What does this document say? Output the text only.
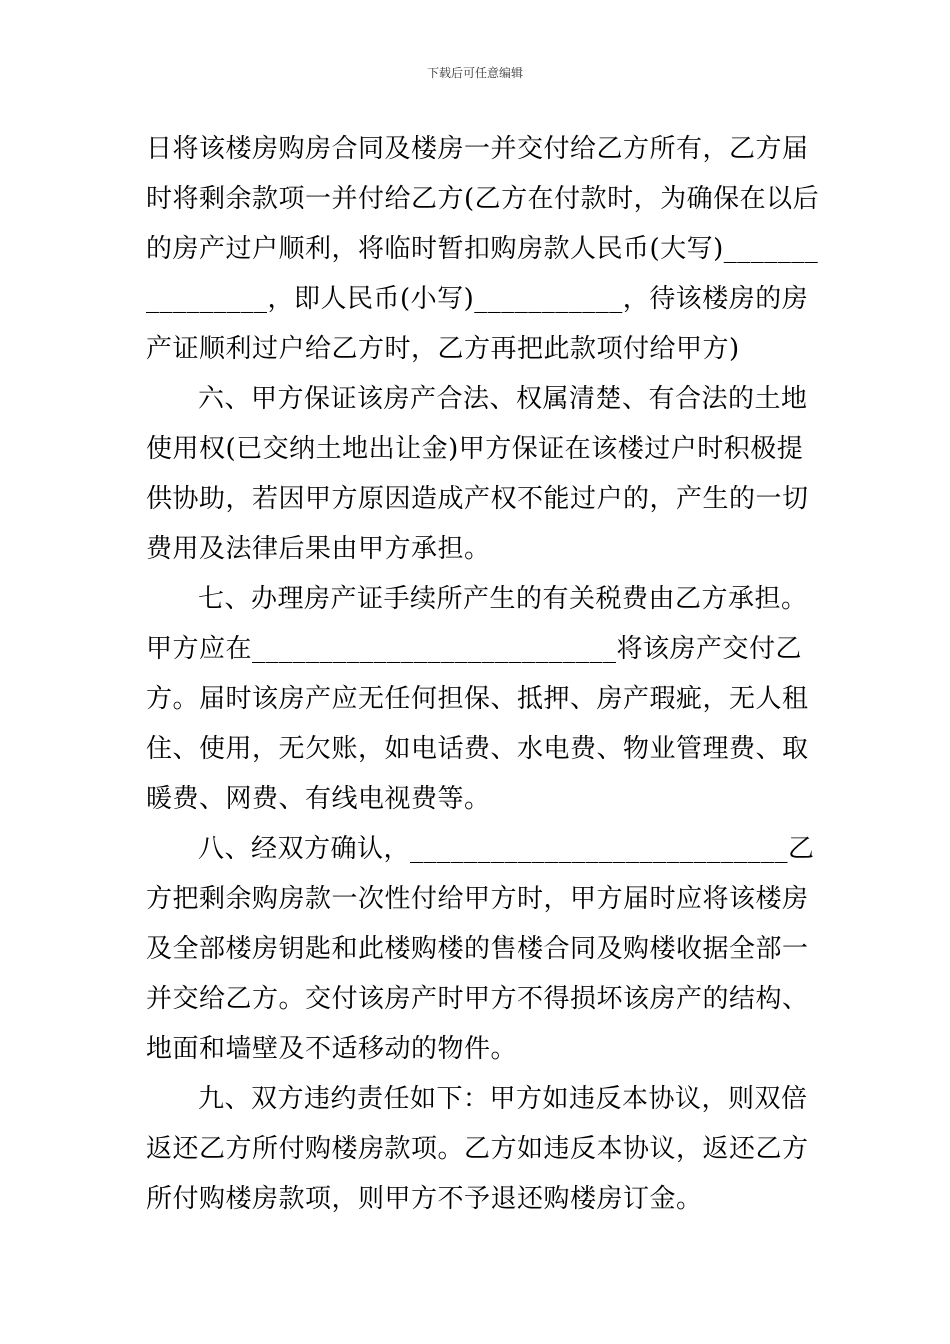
下载后可任意编辑
日将该楼房购房合同及楼房一并交付给乙方所有，乙方届
时将剩余款项一并付给乙方(乙方在付款时，为确保在以后
的房产过户顺利，将临时暂扣购房款人民币(大写)_______
_________，即人民币(小写)___________，待该楼房的房
产证顺利过户给乙方时，乙方再把此款项付给甲方)
六、甲方保证该房产合法、权属清楚、有合法的土地
使用权(已交纳土地出让金)甲方保证在该楼过户时积极提
供协助，若因甲方原因造成产权不能过户的，产生的一切
费用及法律后果由甲方承担。
七、办理房产证手续所产生的有关税费由乙方承担。
甲方应在___________________________将该房产交付乙
方。届时该房产应无任何担保、抵押、房产瑕疵，无人租
住、使用，无欠账，如电话费、水电费、物业管理费、取
暖费、网费、有线电视费等。
八、经双方确认，____________________________乙
方把剩余购房款一次性付给甲方时，甲方届时应将该楼房
及全部楼房钥匙和此楼购楼的售楼合同及购楼收据全部一
并交给乙方。交付该房产时甲方不得损坏该房产的结构、
地面和墙壁及不适移动的物件。
九、双方违约责任如下：甲方如违反本协议，则双倍
返还乙方所付购楼房款项。乙方如违反本协议，返还乙方
所付购楼房款项，则甲方不予退还购楼房订金。
